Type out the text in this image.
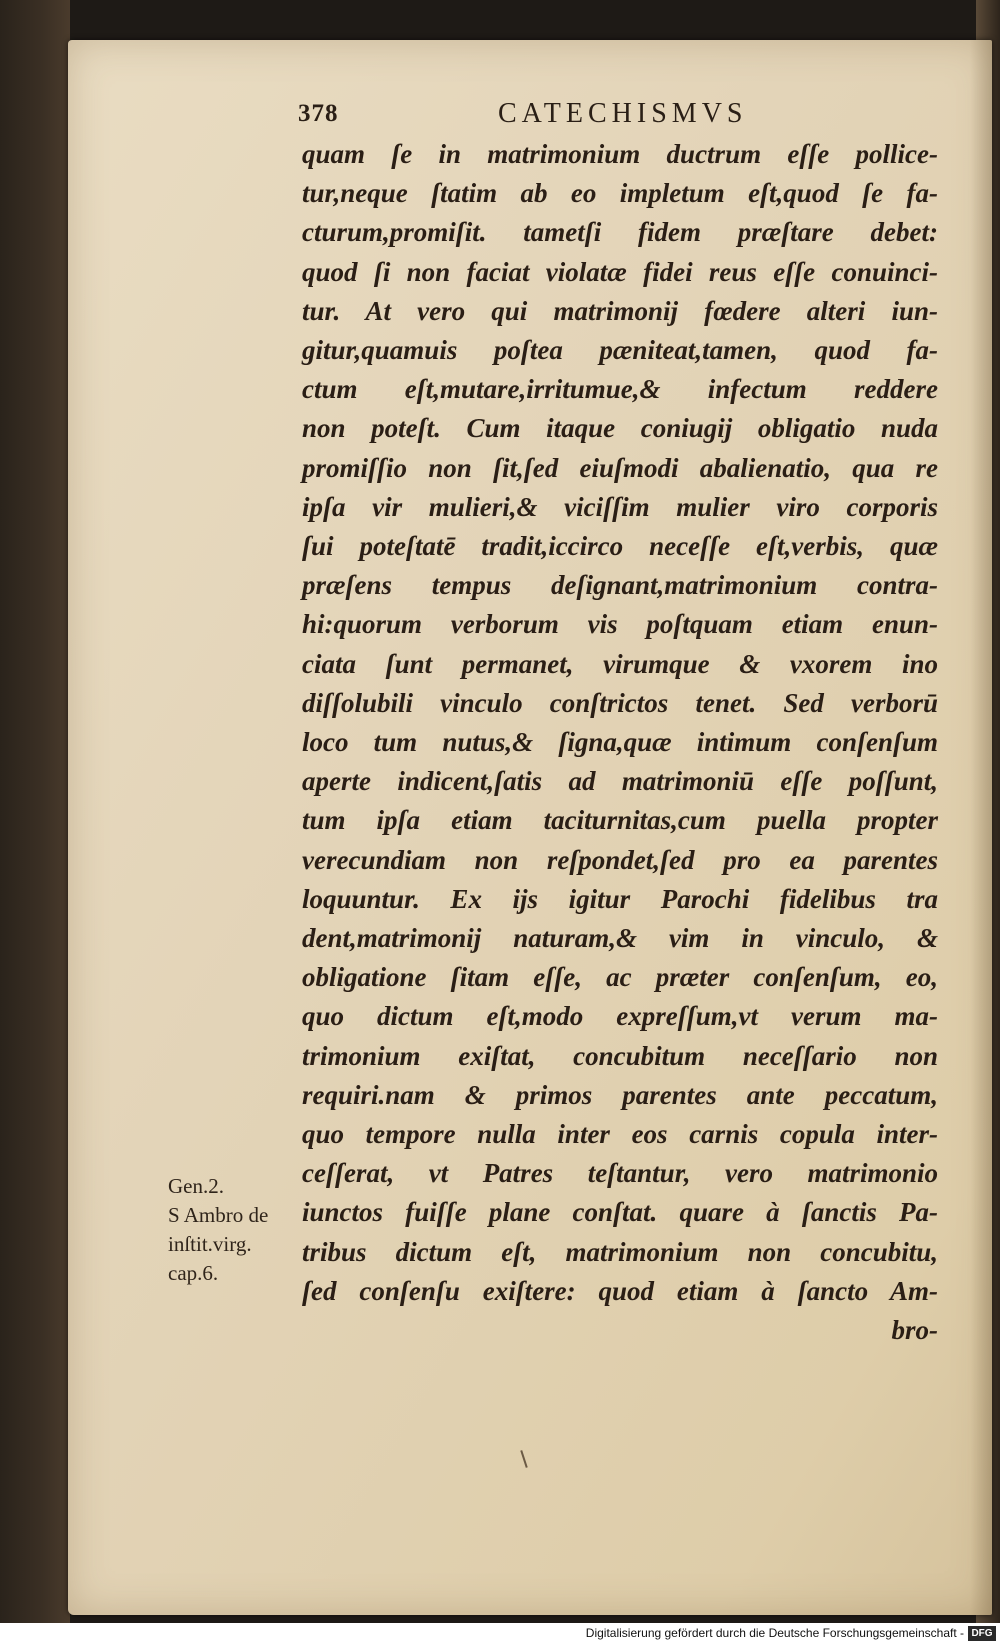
378	CATECHISMVS
quam ſe in matrimonium ductrum eſſe pollice-
tur,neque ſtatim ab eo impletum eſt,quod ſe fa-
cturum,promiſit. tametſi fidem præſtare debet:
quod ſi non faciat violatæ fidei reus eſſe conuinci-
tur. At vero qui matrimonij fœdere alteri iun-
gitur,quamuis poſtea pæniteat,tamen, quod fa-
ctum eſt,mutare,irritumue,& infectum reddere
non poteſt. Cum itaque coniugij obligatio nuda
promiſſio non ſit,ſed eiuſmodi abalienatio, qua re
ipſa vir mulieri,& viciſſim mulier viro corporis
ſui poteſtatē tradit,iccirco neceſſe eſt,verbis, quæ
præſens tempus deſignant,matrimonium contra-
hi:quorum verborum vis poſtquam etiam enun-
ciata ſunt permanet, virumque & vxorem ino
diſſolubili vinculo conſtrictos tenet. Sed verborū
loco tum nutus,& ſigna,quæ intimum conſenſum
aperte indicent,ſatis ad matrimoniū eſſe poſſunt,
tum ipſa etiam taciturnitas,cum puella propter
verecundiam non reſpondet,ſed pro ea parentes
loquuntur. Ex ijs igitur Parochi fidelibus tra
dent,matrimonij naturam,& vim in vinculo, &
obligatione ſitam eſſe, ac præter conſenſum, eo,
quo dictum eſt,modo expreſſum,vt verum ma-
trimonium exiſtat, concubitum neceſſario non
requiri.nam & primos parentes ante peccatum,
quo tempore nulla inter eos carnis copula inter-
ceſſerat, vt Patres teſtantur, vero matrimonio
iunctos fuiſſe plane conſtat. quare à ſanctis Pa-
tribus dictum eſt, matrimonium non concubitu,
ſed conſenſu exiſtere: quod etiam à ſancto Am-
bro-
Gen.2.
S Ambro de
inſtit.virg.
cap.6.
Digitalisierung gefördert durch die Deutsche Forschungsgemeinschaft - DFG
